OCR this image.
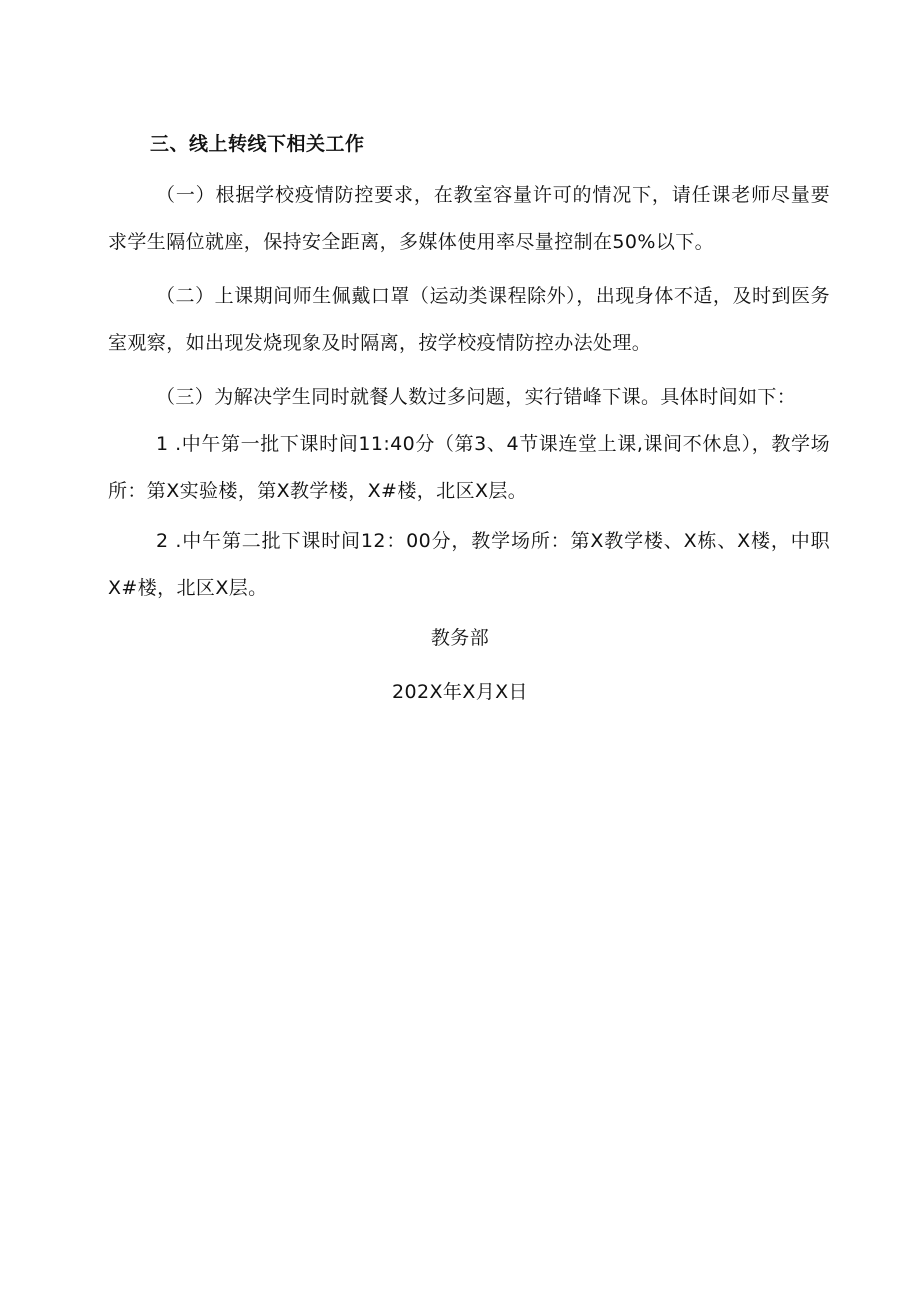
三、线上转线下相关工作

（一）根据学校疫情防控要求，在教室容量许可的情况下，请任课老师尽量要求学生隔位就座，保持安全距离，多媒体使用率尽量控制在50%以下。

（二）上课期间师生佩戴口罩（运动类课程除外），出现身体不适，及时到医务室观察，如出现发烧现象及时隔离，按学校疫情防控办法处理。

（三）为解决学生同时就餐人数过多问题，实行错峰下课。具体时间如下：

1 .中午第一批下课时间11:40分（第3、4节课连堂上课,课间不休息），教学场所：第X实验楼，第X教学楼，X#楼，北区X层。

2 .中午第二批下课时间12：00分，教学场所：第X教学楼、X栋、X楼，中职X#楼，北区X层。

教务部
202X年X月X日
